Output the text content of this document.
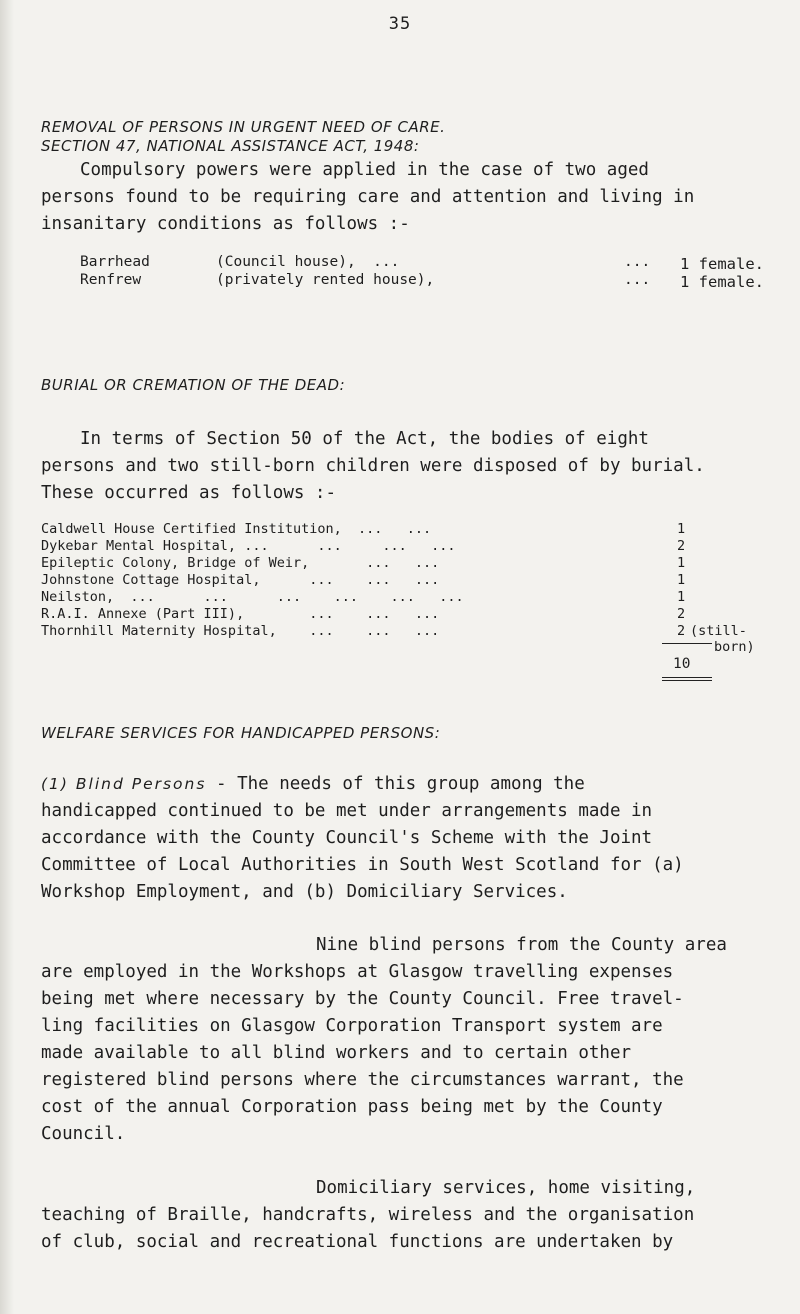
35
REMOVAL OF PERSONS IN URGENT NEED OF CARE.
SECTION 47, NATIONAL ASSISTANCE ACT, 1948:
Compulsory powers were applied in the case of two aged
persons found to be requiring care and attention and living in
insanitary conditions as follows :-
Barrhead	(Council house),  ...	... 1 female.
Renfrew	(privately rented house),	... 1 female.
BURIAL OR CREMATION OF THE DEAD:
In terms of Section 50 of the Act, the bodies of eight
persons and two still-born children were disposed of by burial.
These occurred as follows :-
Caldwell House Certified Institution,  ...   ...	1
Dykebar Mental Hospital, ...      ...     ...   ...	2
Epileptic Colony, Bridge of Weir,       ...   ...	1
Johnstone Cottage Hospital,      ...    ...   ...	1
Neilston,  ...      ...      ...    ...    ...   ...	1
R.A.I. Annexe (Part III),        ...    ...   ...	2
Thornhill Maternity Hospital,    ...    ...   ...	2 (still-
born)
10
WELFARE SERVICES FOR HANDICAPPED PERSONS:
(1) Blind Persons - The needs of this group among the
handicapped continued to be met under arrangements made in
accordance with the County Council's Scheme with the Joint
Committee of Local Authorities in South West Scotland for (a)
Workshop Employment, and (b) Domiciliary Services.
Nine blind persons from the County area
are employed in the Workshops at Glasgow travelling expenses
being met where necessary by the County Council. Free travel-
ling facilities on Glasgow Corporation Transport system are
made available to all blind workers and to certain other
registered blind persons where the circumstances warrant, the
cost of the annual Corporation pass being met by the County
Council.
Domiciliary services, home visiting,
teaching of Braille, handcrafts, wireless and the organisation
of club, social and recreational functions are undertaken by
